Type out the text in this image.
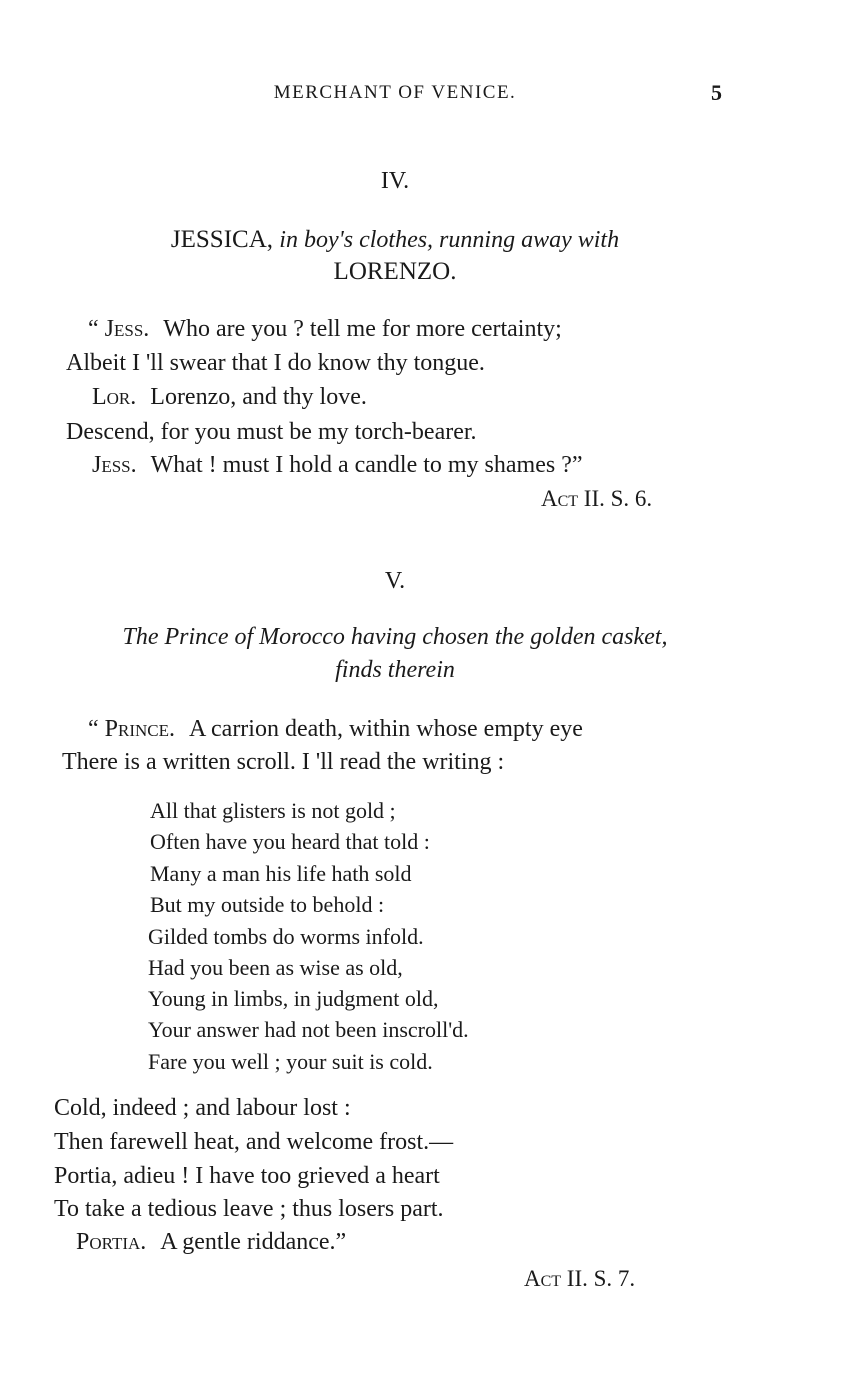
MERCHANT OF VENICE.	5
IV.
JESSICA, in boy's clothes, running away with
LORENZO.
“ Jess. Who are you ? tell me for more certainty;
Albeit I 'll swear that I do know thy tongue.
Lor. Lorenzo, and thy love.
Descend, for you must be my torch-bearer.
Jess. What ! must I hold a candle to my shames ?”
Act II. S. 6.
V.
The Prince of Morocco having chosen the golden casket,
finds therein
“ Prince. A carrion death, within whose empty eye
There is a written scroll. I 'll read the writing :
All that glisters is not gold ;
Often have you heard that told :
Many a man his life hath sold
But my outside to behold :
Gilded tombs do worms infold.
Had you been as wise as old,
Young in limbs, in judgment old,
Your answer had not been inscroll'd.
Fare you well ; your suit is cold.
Cold, indeed ; and labour lost :
Then farewell heat, and welcome frost.—
Portia, adieu ! I have too grieved a heart
To take a tedious leave ; thus losers part.
Portia. A gentle riddance.”
Act II. S. 7.
